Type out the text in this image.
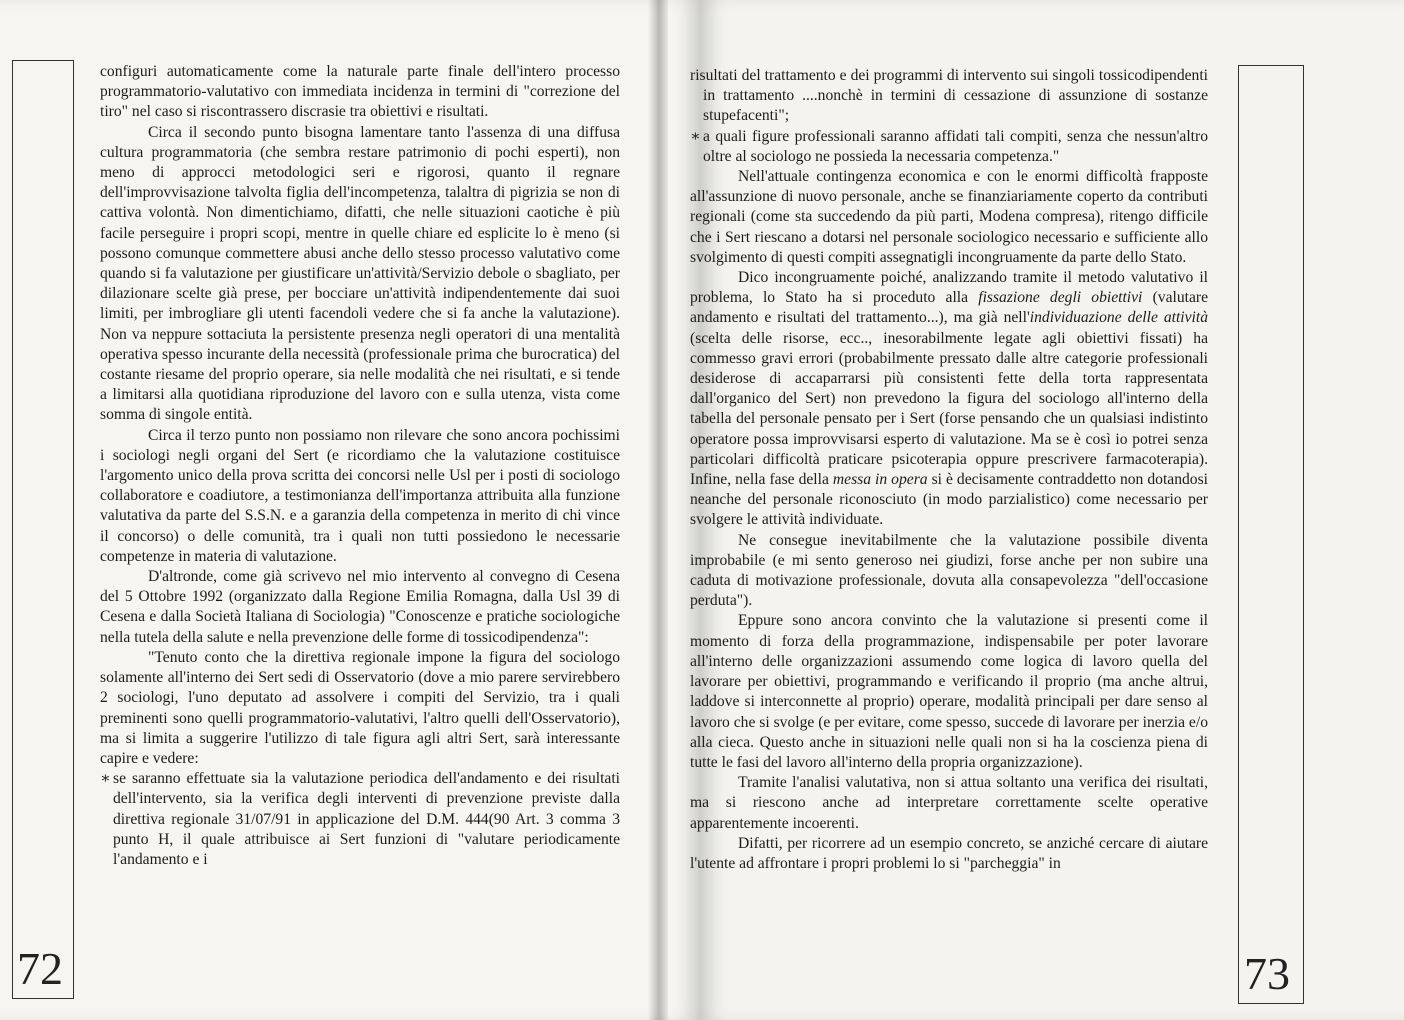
72

configuri automaticamente come la naturale parte finale dell'intero processo programmatorio-valutativo con immediata incidenza in termini di "correzione del tiro" nel caso si riscontrassero discrasie tra obiettivi e risultati.

Circa il secondo punto bisogna lamentare tanto l'assenza di una diffusa cultura programmatoria (che sembra restare patrimonio di pochi esperti), non meno di approcci metodologici seri e rigorosi, quanto il regnare dell'improvvisazione talvolta figlia dell'incompetenza, talaltra di pigrizia se non di cattiva volontà. Non dimentichiamo, difatti, che nelle situazioni caotiche è più facile perseguire i propri scopi, mentre in quelle chiare ed esplicite lo è meno (si possono comunque commettere abusi anche dello stesso processo valutativo come quando si fa valutazione per giustificare un'attività/Servizio debole o sbagliato, per dilazionare scelte già prese, per bocciare un'attività indipendentemente dai suoi limiti, per imbrogliare gli utenti facendoli vedere che si fa anche la valutazione). Non va neppure sottaciuta la persistente presenza negli operatori di una mentalità operativa spesso incurante della necessità (professionale prima che burocratica) del costante riesame del proprio operare, sia nelle modalità che nei risultati, e si tende a limitarsi alla quotidiana riproduzione del lavoro con e sulla utenza, vista come somma di singole entità.

Circa il terzo punto non possiamo non rilevare che sono ancora pochissimi i sociologi negli organi del Sert (e ricordiamo che la valutazione costituisce l'argomento unico della prova scritta dei concorsi nelle Usl per i posti di sociologo collaboratore e coadiutore, a testimonianza dell'importanza attribuita alla funzione valutativa da parte del S.S.N. e a garanzia della competenza in merito di chi vince il concorso) o delle comunità, tra i quali non tutti possiedono le necessarie competenze in materia di valutazione.

D'altronde, come già scrivevo nel mio intervento al convegno di Cesena del 5 Ottobre 1992 (organizzato dalla Regione Emilia Romagna, dalla Usl 39 di Cesena e dalla Società Italiana di Sociologia) "Conoscenze e pratiche sociologiche nella tutela della salute e nella prevenzione delle forme di tossicodipendenza":

"Tenuto conto che la direttiva regionale impone la figura del sociologo solamente all'interno dei Sert sedi di Osservatorio (dove a mio parere servirebbero 2 sociologi, l'uno deputato ad assolvere i compiti del Servizio, tra i quali preminenti sono quelli programmatorio-valutativi, l'altro quelli dell'Osservatorio), ma si limita a suggerire l'utilizzo di tale figura agli altri Sert, sarà interessante capire e vedere:

∗ se saranno effettuate sia la valutazione periodica dell'andamento e dei risultati dell'intervento, sia la verifica degli interventi di prevenzione previste dalla direttiva regionale 31/07/91 in applicazione del D.M. 444(90 Art. 3 comma 3 punto H, il quale attribuisce ai Sert funzioni di "valutare periodicamente l'andamento e i

73

risultati del trattamento e dei programmi di intervento sui singoli tossicodipendenti in trattamento ....nonchè in termini di cessazione di assunzione di sostanze stupefacenti";

∗ a quali figure professionali saranno affidati tali compiti, senza che nessun'altro oltre al sociologo ne possieda la necessaria competenza."

Nell'attuale contingenza economica e con le enormi difficoltà frapposte all'assunzione di nuovo personale, anche se finanziariamente coperto da contributi regionali (come sta succedendo da più parti, Modena compresa), ritengo difficile che i Sert riescano a dotarsi nel personale sociologico necessario e sufficiente allo svolgimento di questi compiti assegnatigli incongruamente da parte dello Stato.

Dico incongruamente poiché, analizzando tramite il metodo valutativo il problema, lo Stato ha si proceduto alla fissazione degli obiettivi (valutare andamento e risultati del trattamento...), ma già nell'individuazione delle attività (scelta delle risorse, ecc.., inesorabilmente legate agli obiettivi fissati) ha commesso gravi errori (probabilmente pressato dalle altre categorie professionali desiderose di accaparrarsi più consistenti fette della torta rappresentata dall'organico del Sert) non prevedono la figura del sociologo all'interno della tabella del personale pensato per i Sert (forse pensando che un qualsiasi indistinto operatore possa improvvisarsi esperto di valutazione. Ma se è così io potrei senza particolari difficoltà praticare psicoterapia oppure prescrivere farmacoterapia). Infine, nella fase della messa in opera si è decisamente contraddetto non dotandosi neanche del personale riconosciuto (in modo parzialistico) come necessario per svolgere le attività individuate.

Ne consegue inevitabilmente che la valutazione possibile diventa improbabile (e mi sento generoso nei giudizi, forse anche per non subire una caduta di motivazione professionale, dovuta alla consapevolezza "dell'occasione perduta").

Eppure sono ancora convinto che la valutazione si presenti come il momento di forza della programmazione, indispensabile per poter lavorare all'interno delle organizzazioni assumendo come logica di lavoro quella del lavorare per obiettivi, programmando e verificando il proprio (ma anche altrui, laddove si interconnette al proprio) operare, modalità principali per dare senso al lavoro che si svolge (e per evitare, come spesso, succede di lavorare per inerzia e/o alla cieca. Questo anche in situazioni nelle quali non si ha la coscienza piena di tutte le fasi del lavoro all'interno della propria organizzazione).

Tramite l'analisi valutativa, non si attua soltanto una verifica dei risultati, ma si riescono anche ad interpretare correttamente scelte operative apparentemente incoerenti.

Difatti, per ricorrere ad un esempio concreto, se anziché cercare di aiutare l'utente ad affrontare i propri problemi lo si "parcheggia" in
